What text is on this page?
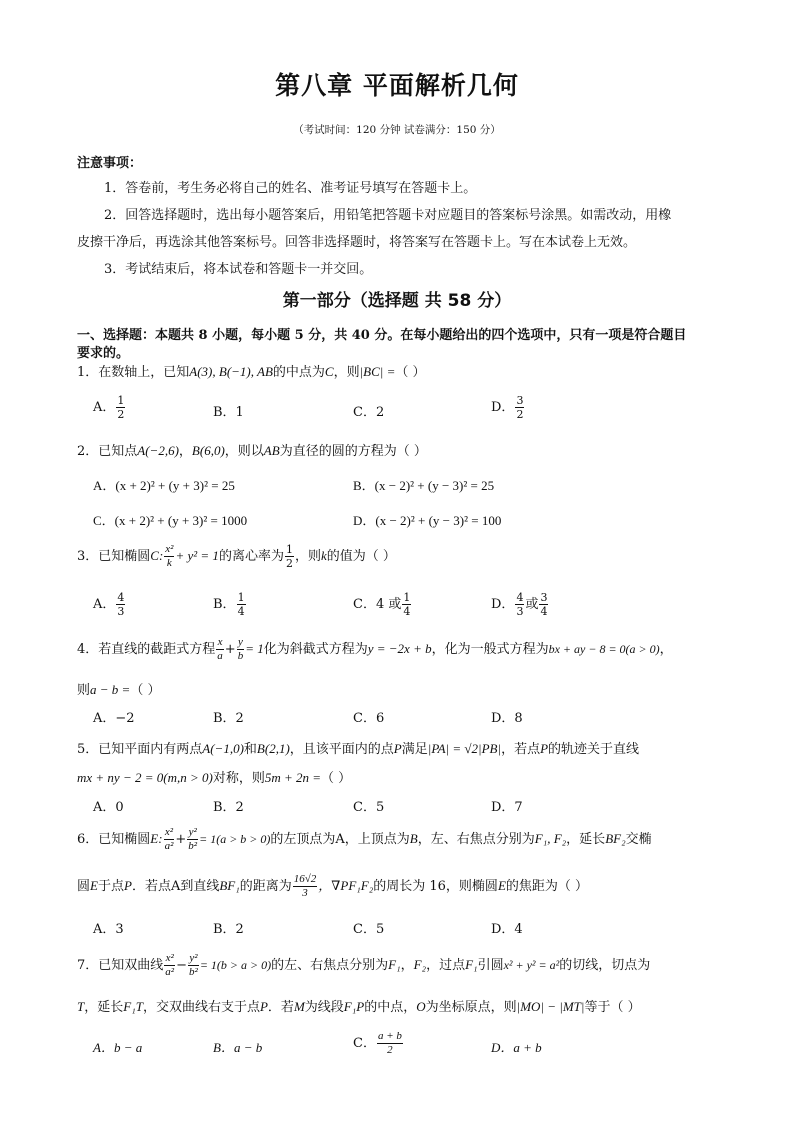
第八章 平面解析几何
（考试时间：120 分钟 试卷满分：150 分）
注意事项：
1．答卷前，考生务必将自己的姓名、准考证号填写在答题卡上。
2．回答选择题时，选出每小题答案后，用铅笔把答题卡对应题目的答案标号涂黑。如需改动，用橡
皮擦干净后，再选涂其他答案标号。回答非选择题时，将答案写在答题卡上。写在本试卷上无效。
3．考试结束后，将本试卷和答题卡一并交回。
第一部分（选择题 共 58 分）
一、选择题：本题共 8 小题，每小题 5 分，共 40 分。在每小题给出的四个选项中，只有一项是符合题目
要求的。
1．在数轴上，已知A(3), B(−1), AB的中点为C，则|BC| =（ ）
A． $\frac{1}{2}$	B．1	C．2	D． $\frac{3}{2}$
2．已知点A(−2,6)，B(6,0)，则以AB为直径的圆的方程为（ ）
A．(x + 2)² + (y + 3)² = 25	B．(x − 2)² + (y − 3)² = 25
C．(x + 2)² + (y + 3)² = 1000	D．(x − 2)² + (y − 3)² = 100
3．已知椭圆C: $\frac{\text{x²}}{k} + y^2 = 1$的离心率为 $\frac{1}{2}$ ，则k的值为（ ）
A． $\frac{4}{3}$	B． $\frac{1}{4}$	C．4 或 $\frac{1}{4}$	D． $\frac{4}{3}$ 或 $\frac{3}{4}$
4．若直线的截距式方程 $\frac{x}{a} + \frac{y}{b} = 1$化为斜截式方程为y = −2x + b，化为一般式方程为bx + ay − 8 = 0(a > 0)，
则a − b =（ ）
A．−2	B．2	C．6	D．8
5．已知平面内有两点A(−1,0)和B(2,1)，且该平面内的点P满足|PA| = √2|PB|，若点P的轨迹关于直线
mx + ny − 2 = 0(m,n > 0)对称，则5m + 2n =（ ）
A．0	B．2	C．5	D．7
6．已知椭圆E: $\frac{\text{x²}}{\text{a²}} + \frac{\text{y²}}{\text{b²}} = 1(a > b > 0)$的左顶点为A，上顶点为B，左、右焦点分别为F₁, F₂，延长BF₂交椭
圆E于点P．若点A到直线BF₁的距离为 $\frac{16√2}{3}$ ，∇PF₁F₂的周长为 16，则椭圆E的焦距为（ ）
A．3	B．2	C．5	D．4
7．已知双曲线 $\frac{\text{x²}}{\text{a²}} - \frac{\text{y²}}{\text{b²}} = 1(b > a > 0)$的左、右焦点分别为F₁，F₂，过点F₁引圆x² + y² = a²的切线，切点为
T，延长F₁T，交双曲线右支于点P．若M为线段F₁P的中点，O为坐标原点，则|MO| − |MT|等于（ ）
A．b − a	B．a − b	C． $\frac{a + b}{2}$	D．a + b
